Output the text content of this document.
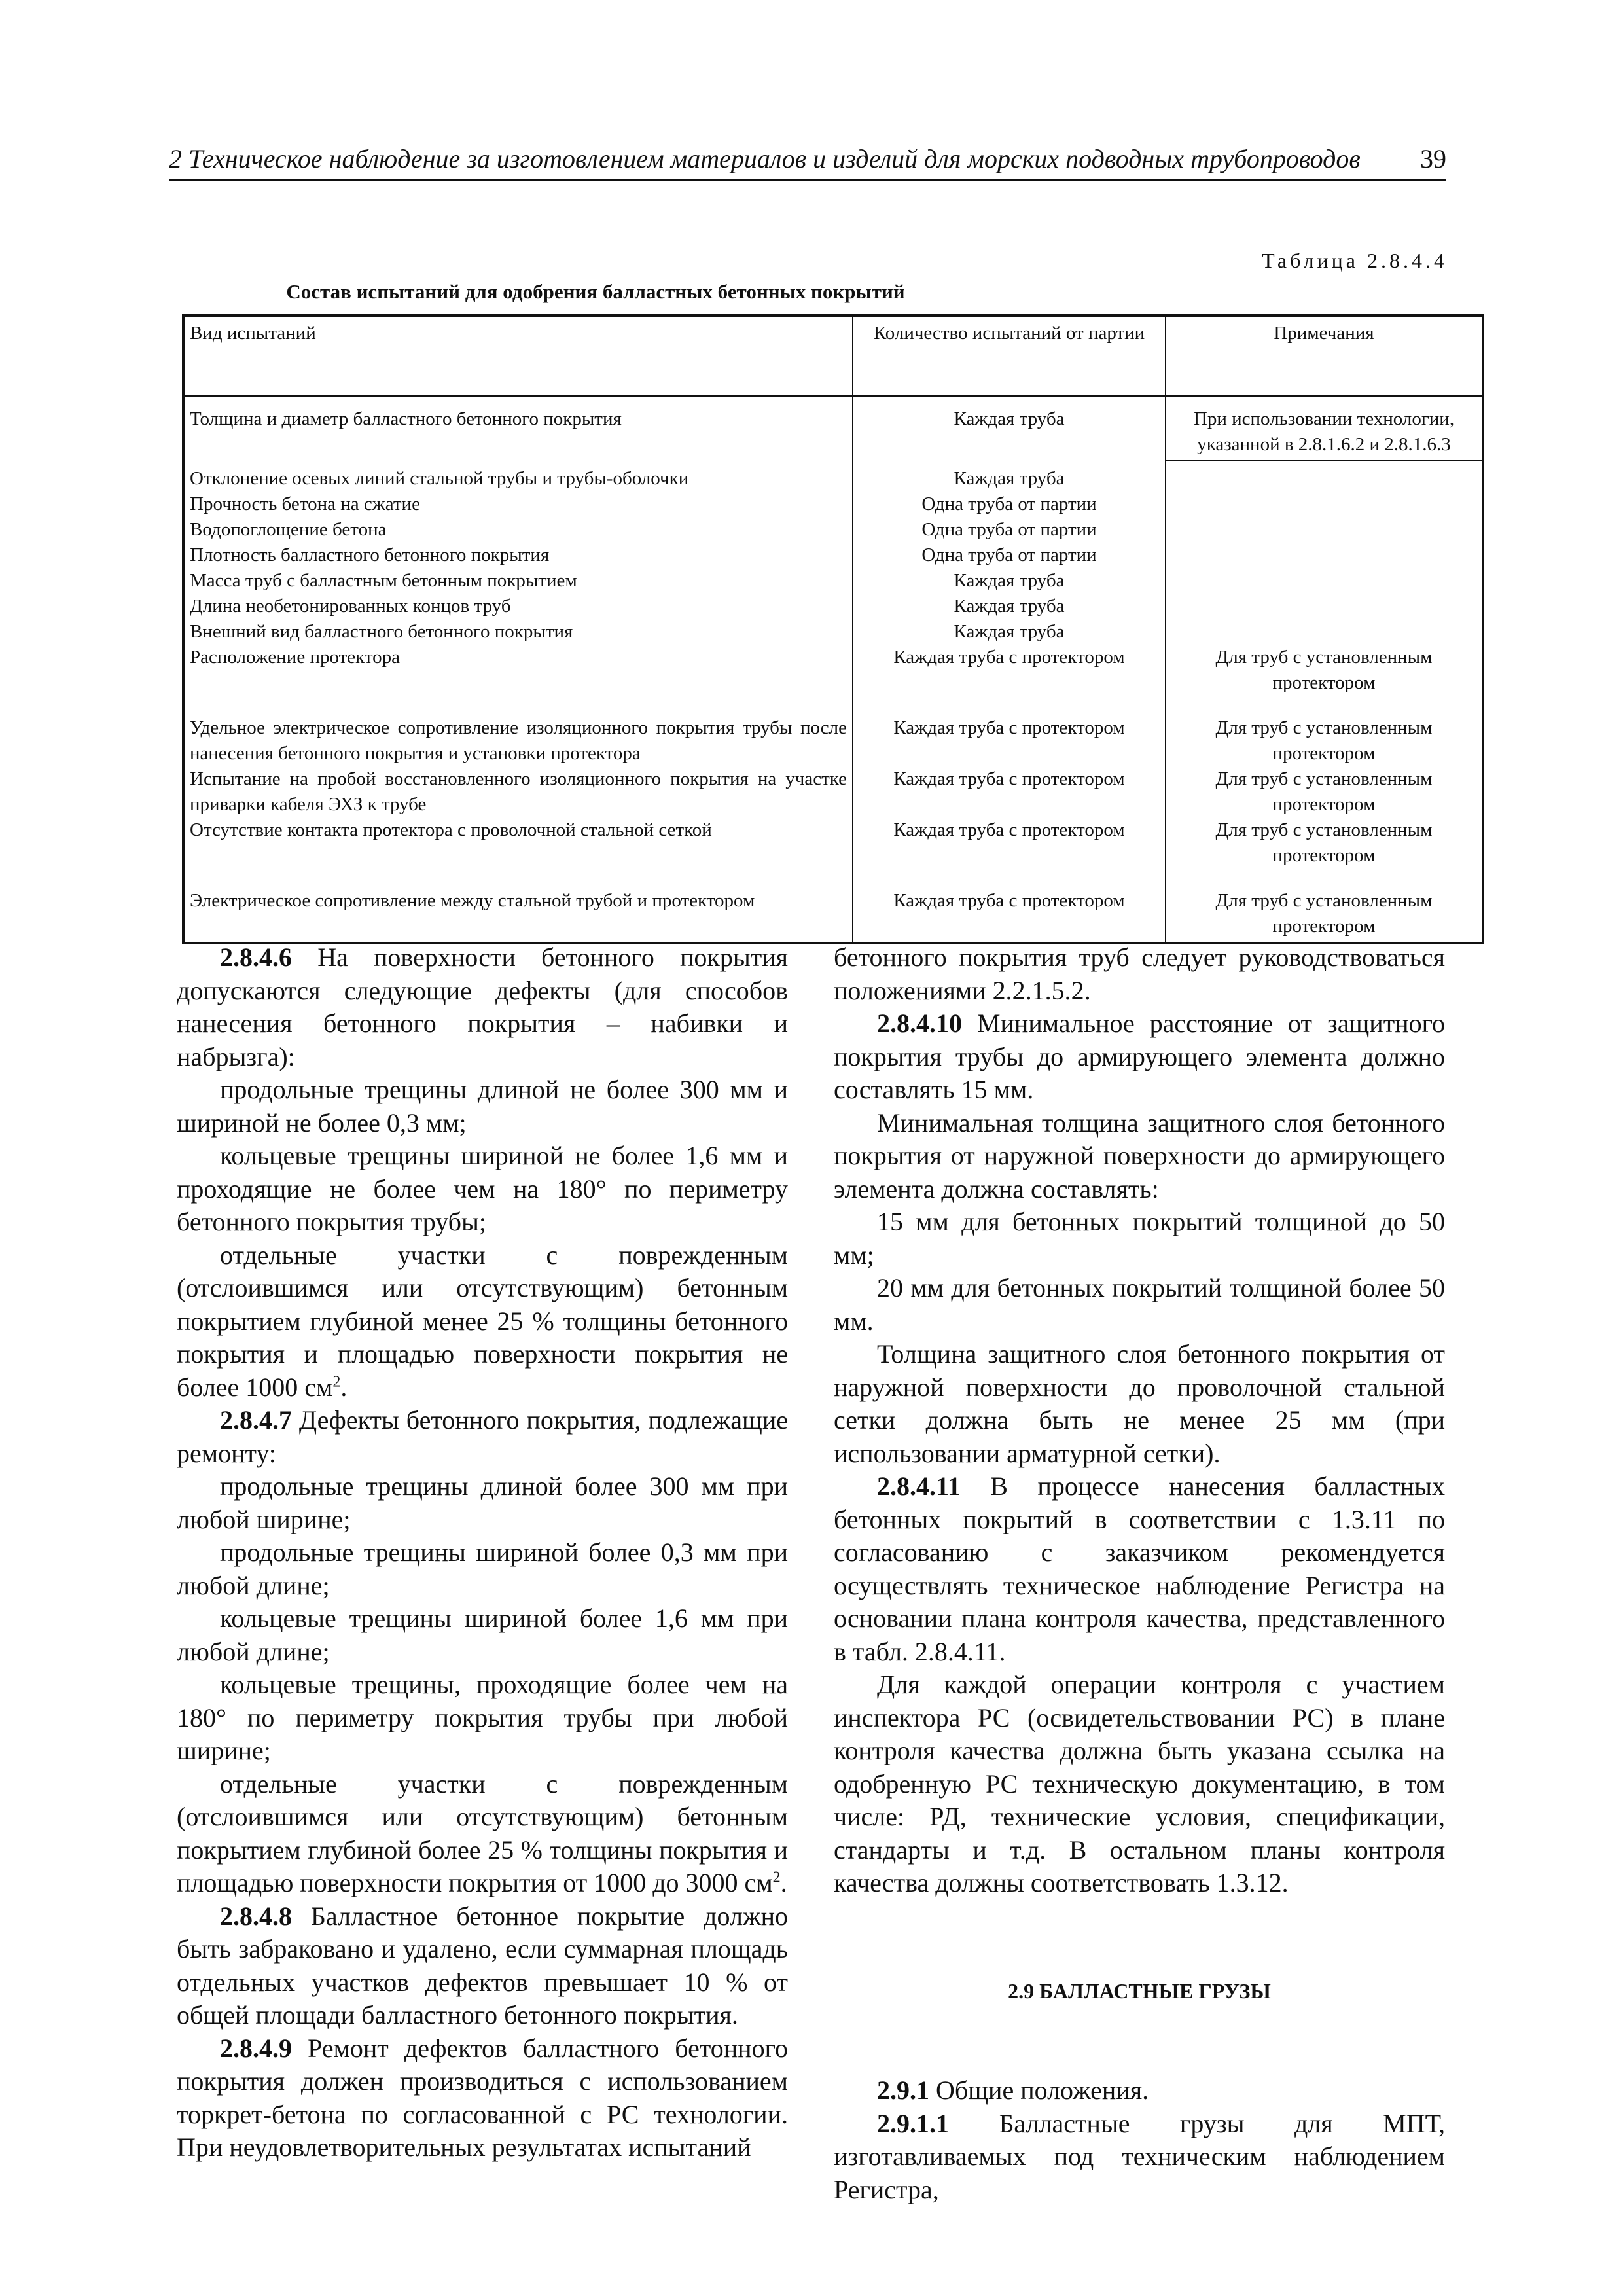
2 Техническое наблюдение за изготовлением материалов и изделий для морских подводных трубопроводов 39
Таблица 2.8.4.4
Состав испытаний для одобрения балластных бетонных покрытий
Вид испытаний	Количество испытаний от партии	Примечания
Толщина и диаметр балластного бетонного покрытия	Каждая труба	При использовании технологии, указанной в 2.8.1.6.2 и 2.8.1.6.3
Отклонение осевых линий стальной трубы и трубы-оболочки	Каждая труба	
Прочность бетона на сжатие	Одна труба от партии	
Водопоглощение бетона	Одна труба от партии	
Плотность балластного бетонного покрытия	Одна труба от партии	
Масса труб с балластным бетонным покрытием	Каждая труба	
Длина необетонированных концов труб	Каждая труба	
Внешний вид балластного бетонного покрытия	Каждая труба	
Расположение протектора	Каждая труба с протектором	Для труб с установленным протектором
Удельное электрическое сопротивление изоляционного покрытия трубы после нанесения бетонного покрытия и установки протектора	Каждая труба с протектором	Для труб с установленным протектором
Испытание на пробой восстановленного изоляционного покрытия на участке приварки кабеля ЭХЗ к трубе	Каждая труба с протектором	Для труб с установленным протектором
Отсутствие контакта протектора с проволочной стальной сеткой	Каждая труба с протектором	Для труб с установленным протектором
Электрическое сопротивление между стальной трубой и протектором	Каждая труба с протектором	Для труб с установленным протектором

2.8.4.6 На поверхности бетонного покрытия допускаются следующие дефекты (для способов нанесения бетонного покрытия – набивки и набрызга):

продольные трещины длиной не более 300 мм и шириной не более 0,3 мм;

кольцевые трещины шириной не более 1,6 мм и проходящие не более чем на 180° по периметру бетонного покрытия трубы;

отдельные участки с поврежденным (отслоившимся или отсутствующим) бетонным покрытием глубиной менее 25 % толщины бетонного покрытия и площадью поверхности покрытия не более 1000 $см^2$.

2.8.4.7 Дефекты бетонного покрытия, подлежащие ремонту:

продольные трещины длиной более 300 мм при любой ширине;

продольные трещины шириной более 0,3 мм при любой длине;

кольцевые трещины шириной более 1,6 мм при любой длине;

кольцевые трещины, проходящие более чем на 180° по периметру покрытия трубы при любой ширине;

отдельные участки с поврежденным (отслоившимся или отсутствующим) бетонным покрытием глубиной более 25 % толщины покрытия и площадью поверхности покрытия от 1000 до 3000 $см^2$.

2.8.4.8 Балластное бетонное покрытие должно быть забраковано и удалено, если суммарная площадь отдельных участков дефектов превышает 10 % от общей площади балластного бетонного покрытия.

2.8.4.9 Ремонт дефектов балластного бетонного покрытия должен производиться с использованием торкрет-бетона по согласованной с РС технологии. При неудовлетворительных результатах испытаний

бетонного покрытия труб следует руководствоваться положениями 2.2.1.5.2.

2.8.4.10 Минимальное расстояние от защитного покрытия трубы до армирующего элемента должно составлять 15 мм.

Минимальная толщина защитного слоя бетонного покрытия от наружной поверхности до армирующего элемента должна составлять:

15 мм для бетонных покрытий толщиной до 50 мм;

20 мм для бетонных покрытий толщиной более 50 мм.

Толщина защитного слоя бетонного покрытия от наружной поверхности до проволочной стальной сетки должна быть не менее 25 мм (при использовании арматурной сетки).

2.8.4.11 В процессе нанесения балластных бетонных покрытий в соответствии с 1.3.11 по согласованию с заказчиком рекомендуется осуществлять техническое наблюдение Регистра на основании плана контроля качества, представленного в табл. 2.8.4.11.

Для каждой операции контроля с участием инспектора РС (освидетельствовании РС) в плане контроля качества должна быть указана ссылка на одобренную РС техническую документацию, в том числе: РД, технические условия, спецификации, стандарты и т.д. В остальном планы контроля качества должны соответствовать 1.3.12.

2.9 БАЛЛАСТНЫЕ ГРУЗЫ

2.9.1 Общие положения.

2.9.1.1 Балластные грузы для МПТ, изготавливаемых под техническим наблюдением Регистра,
